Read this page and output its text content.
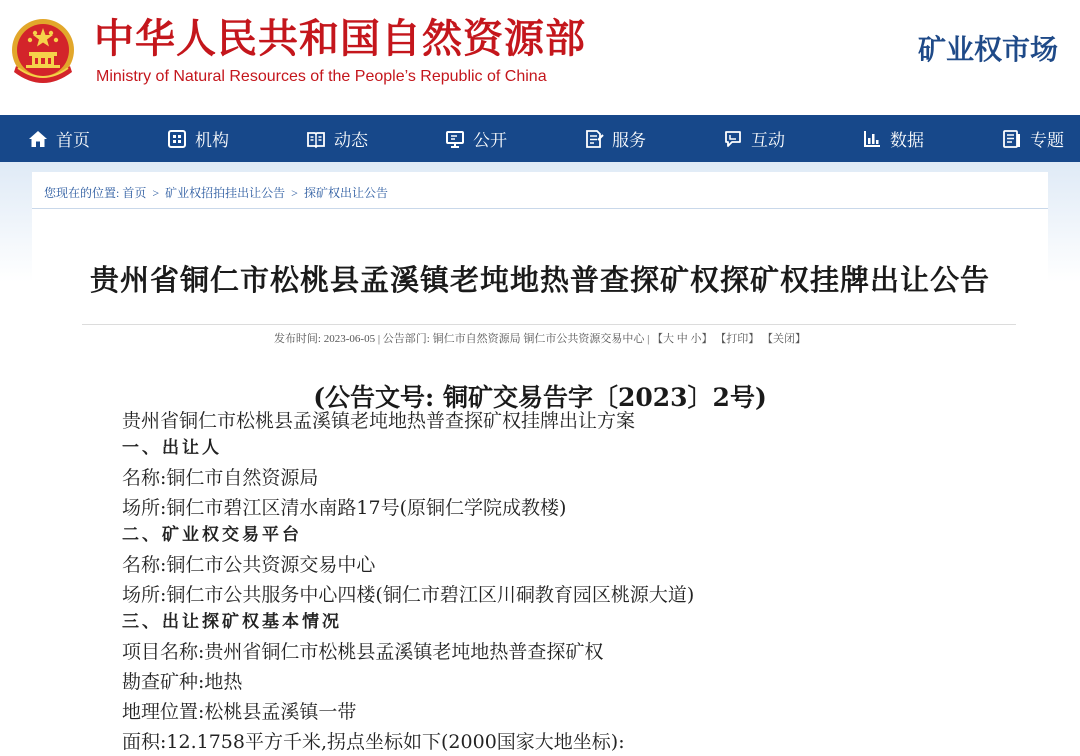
中华人民共和国自然资源部
Ministry of Natural Resources of the People’s Republic of China
矿业权市场
首页	机构	动态	公开	服务	互动	数据	专题
您现在的位置: 首页 > 矿业权招拍挂出让公告 > 探矿权出让公告
贵州省铜仁市松桃县孟溪镇老坉地热普查探矿权探矿权挂牌出让公告
发布时间: 2023-06-05 | 公告部门: 铜仁市自然资源局 铜仁市公共资源交易中心 | 【大 中 小】 【打印】 【关闭】
(公告文号: 铜矿交易告字〔2023〕2号)
贵州省铜仁市松桃县孟溪镇老坉地热普查探矿权挂牌出让方案
一、出让人
名称:铜仁市自然资源局
场所:铜仁市碧江区清水南路17号(原铜仁学院成教楼)
二、矿业权交易平台
名称:铜仁市公共资源交易中心
场所:铜仁市公共服务中心四楼(铜仁市碧江区川硐教育园区桃源大道)
三、出让探矿权基本情况
项目名称:贵州省铜仁市松桃县孟溪镇老坉地热普查探矿权
勘查矿种:地热
地理位置:松桃县孟溪镇一带
面积:12.1758平方千米,拐点坐标如下(2000国家大地坐标):
